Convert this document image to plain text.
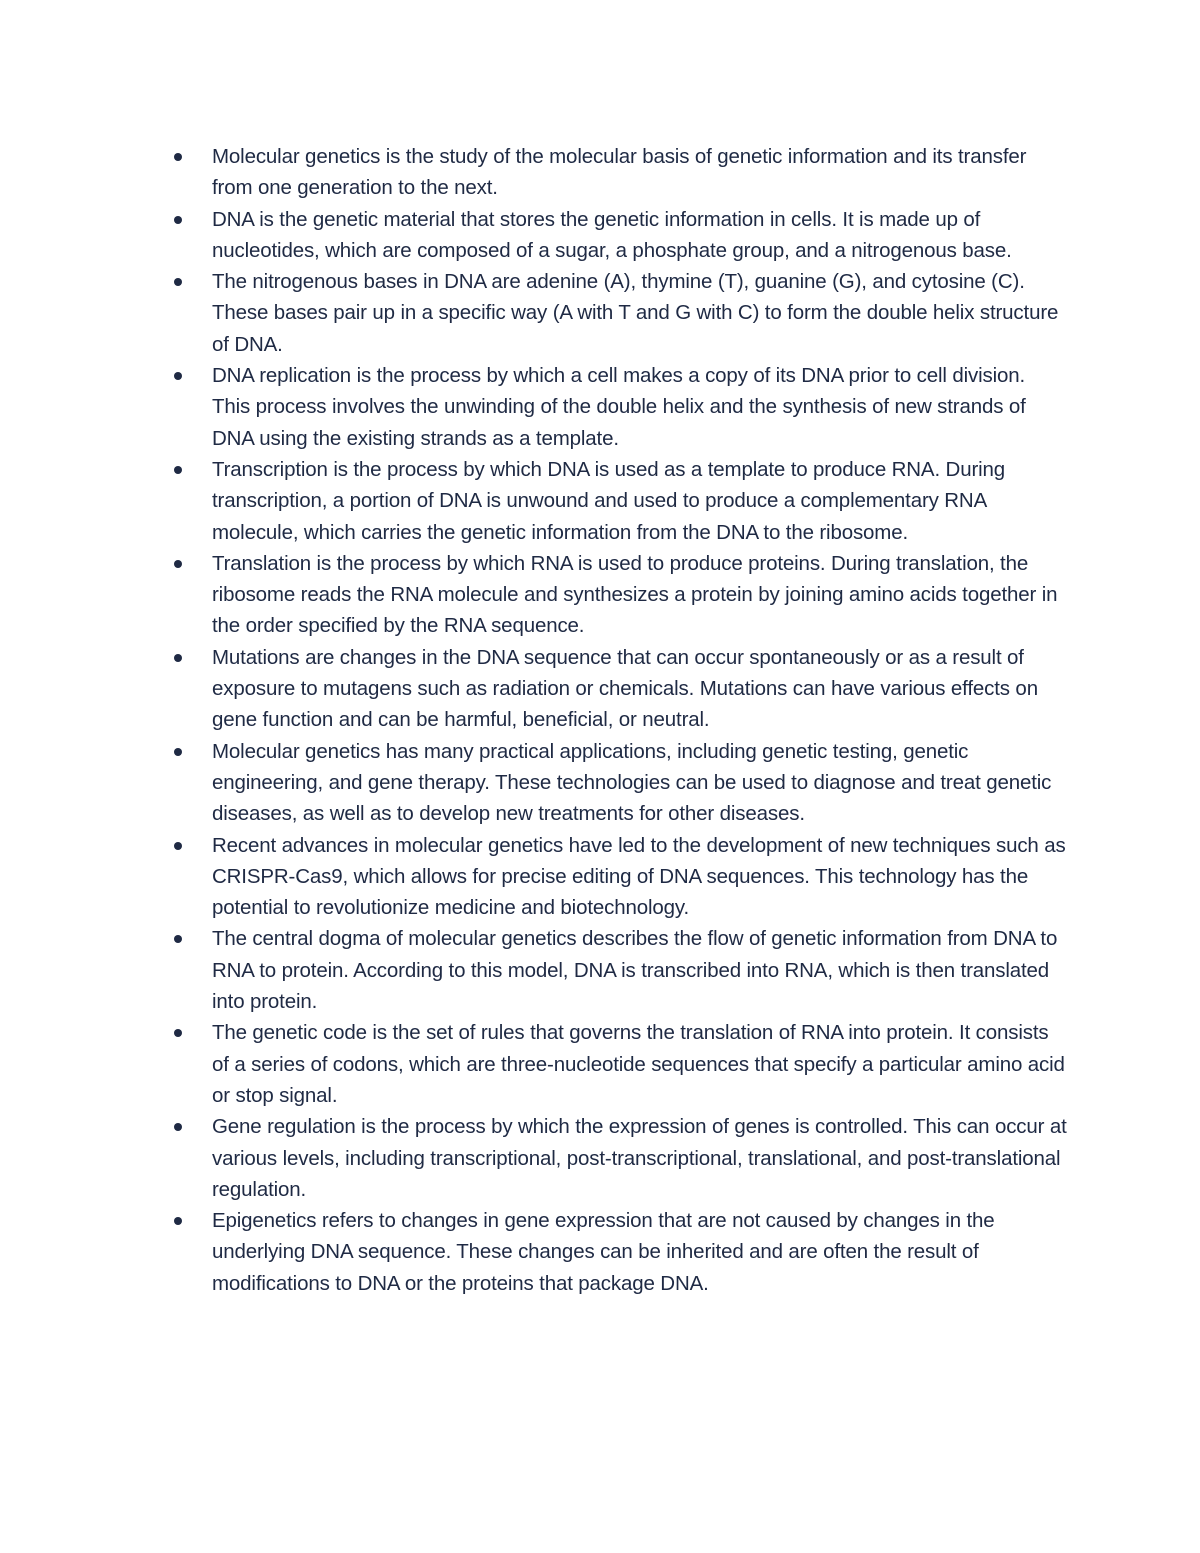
Molecular genetics is the study of the molecular basis of genetic information and its transfer from one generation to the next.
DNA is the genetic material that stores the genetic information in cells. It is made up of nucleotides, which are composed of a sugar, a phosphate group, and a nitrogenous base.
The nitrogenous bases in DNA are adenine (A), thymine (T), guanine (G), and cytosine (C). These bases pair up in a specific way (A with T and G with C) to form the double helix structure of DNA.
DNA replication is the process by which a cell makes a copy of its DNA prior to cell division. This process involves the unwinding of the double helix and the synthesis of new strands of DNA using the existing strands as a template.
Transcription is the process by which DNA is used as a template to produce RNA. During transcription, a portion of DNA is unwound and used to produce a complementary RNA molecule, which carries the genetic information from the DNA to the ribosome.
Translation is the process by which RNA is used to produce proteins. During translation, the ribosome reads the RNA molecule and synthesizes a protein by joining amino acids together in the order specified by the RNA sequence.
Mutations are changes in the DNA sequence that can occur spontaneously or as a result of exposure to mutagens such as radiation or chemicals. Mutations can have various effects on gene function and can be harmful, beneficial, or neutral.
Molecular genetics has many practical applications, including genetic testing, genetic engineering, and gene therapy. These technologies can be used to diagnose and treat genetic diseases, as well as to develop new treatments for other diseases.
Recent advances in molecular genetics have led to the development of new techniques such as CRISPR-Cas9, which allows for precise editing of DNA sequences. This technology has the potential to revolutionize medicine and biotechnology.
The central dogma of molecular genetics describes the flow of genetic information from DNA to RNA to protein. According to this model, DNA is transcribed into RNA, which is then translated into protein.
The genetic code is the set of rules that governs the translation of RNA into protein. It consists of a series of codons, which are three-nucleotide sequences that specify a particular amino acid or stop signal.
Gene regulation is the process by which the expression of genes is controlled. This can occur at various levels, including transcriptional, post-transcriptional, translational, and post-translational regulation.
Epigenetics refers to changes in gene expression that are not caused by changes in the underlying DNA sequence. These changes can be inherited and are often the result of modifications to DNA or the proteins that package DNA.
